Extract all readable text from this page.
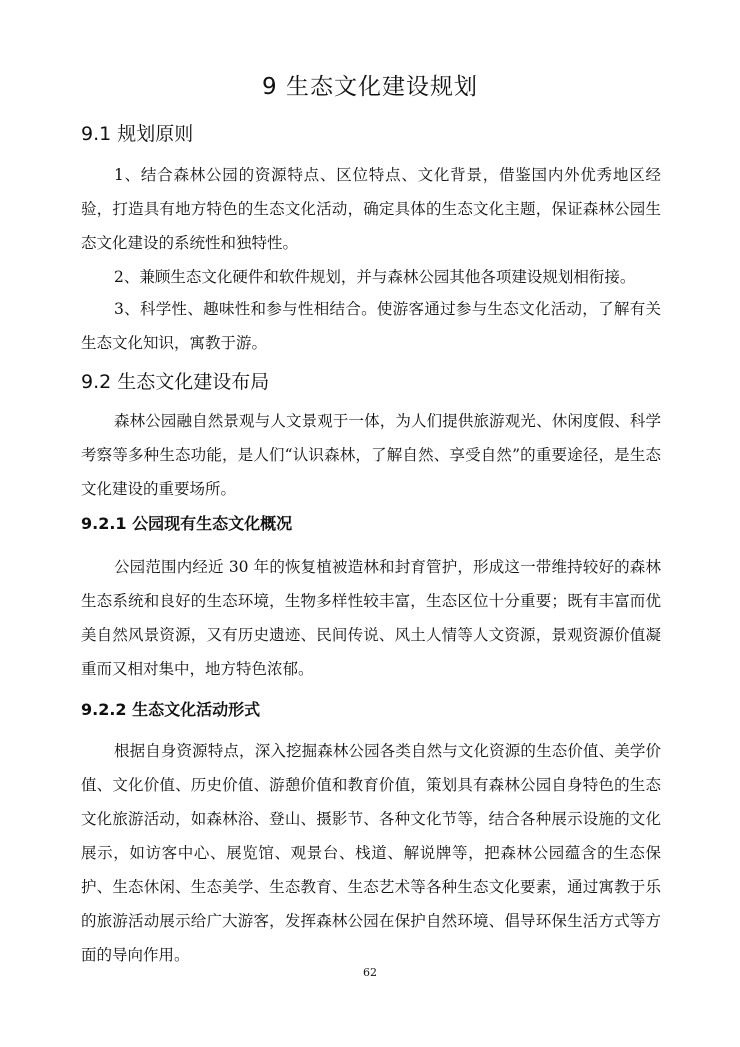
9 生态文化建设规划
9.1 规划原则

1、结合森林公园的资源特点、区位特点、文化背景，借鉴国内外优秀地区经验，打造具有地方特色的生态文化活动，确定具体的生态文化主题，保证森林公园生态文化建设的系统性和独特性。

2、兼顾生态文化硬件和软件规划，并与森林公园其他各项建设规划相衔接。

3、科学性、趣味性和参与性相结合。使游客通过参与生态文化活动，了解有关生态文化知识，寓教于游。

9.2 生态文化建设布局

森林公园融自然景观与人文景观于一体，为人们提供旅游观光、休闲度假、科学考察等多种生态功能，是人们“认识森林，了解自然、享受自然”的重要途径，是生态文化建设的重要场所。

9.2.1 公园现有生态文化概况

公园范围内经近 30 年的恢复植被造林和封育管护，形成这一带维持较好的森林生态系统和良好的生态环境，生物多样性较丰富，生态区位十分重要；既有丰富而优美自然风景资源，又有历史遗迹、民间传说、风土人情等人文资源，景观资源价值凝重而又相对集中，地方特色浓郁。

9.2.2 生态文化活动形式

根据自身资源特点，深入挖掘森林公园各类自然与文化资源的生态价值、美学价值、文化价值、历史价值、游憩价值和教育价值，策划具有森林公园自身特色的生态文化旅游活动，如森林浴、登山、摄影节、各种文化节等，结合各种展示设施的文化展示，如访客中心、展览馆、观景台、栈道、解说牌等，把森林公园蕴含的生态保护、生态休闲、生态美学、生态教育、生态艺术等各种生态文化要素，通过寓教于乐的旅游活动展示给广大游客，发挥森林公园在保护自然环境、倡导环保生活方式等方面的导向作用。

62
